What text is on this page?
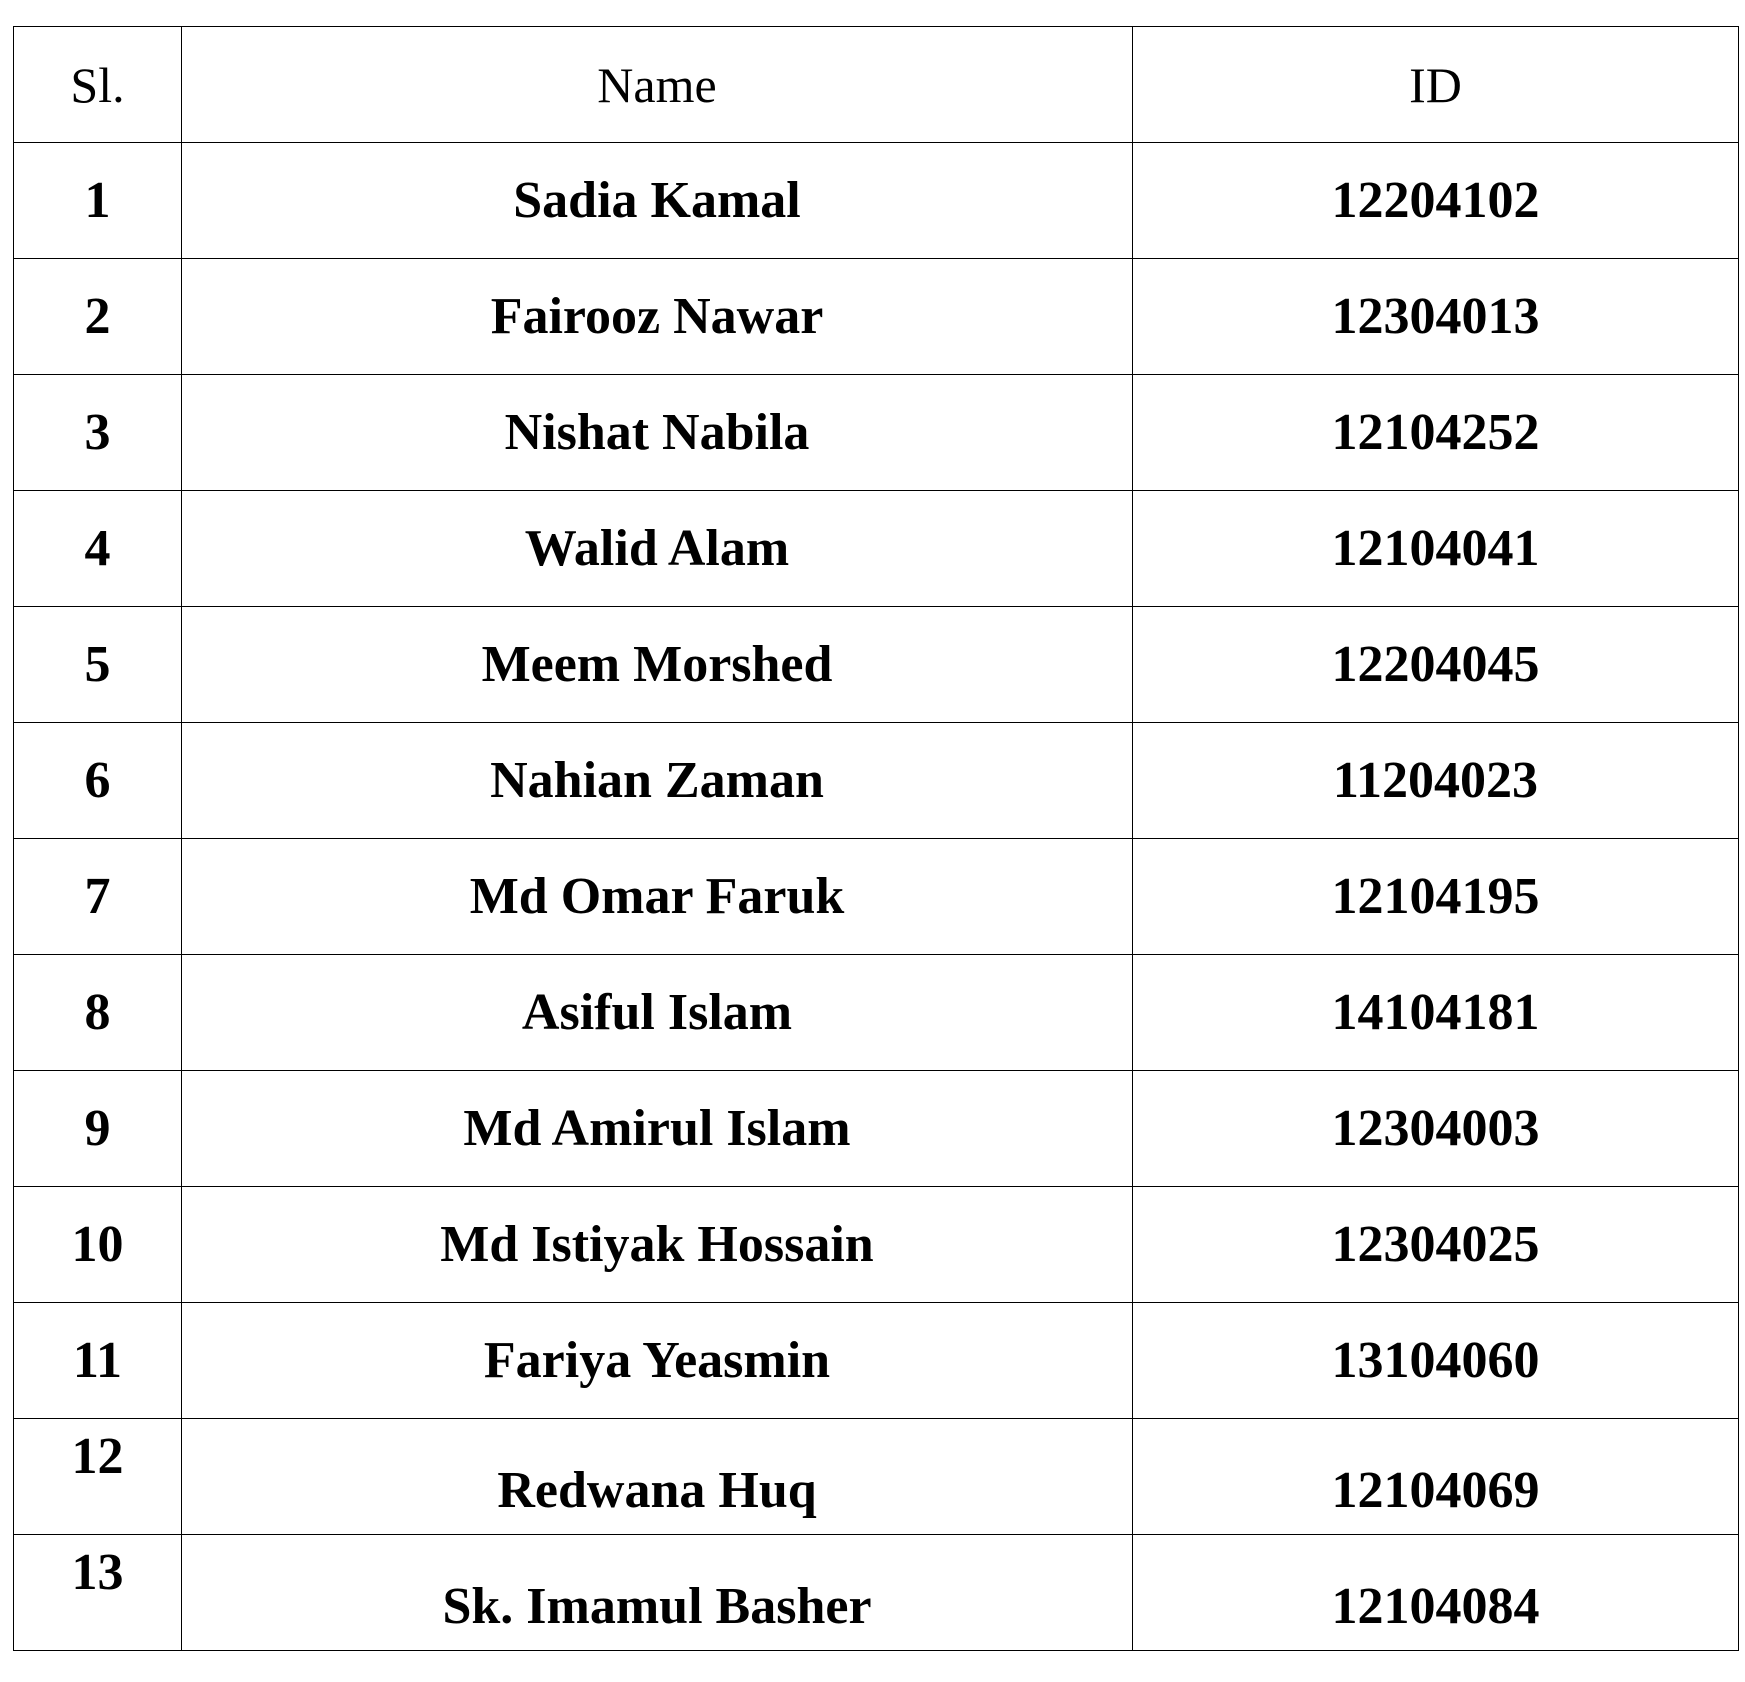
Sl.	Name	ID
1	Sadia Kamal	12204102
2	Fairooz Nawar	12304013
3	Nishat Nabila	12104252
4	Walid Alam	12104041
5	Meem Morshed	12204045
6	Nahian Zaman	11204023
7	Md Omar Faruk	12104195
8	Asiful Islam	14104181
9	Md Amirul Islam	12304003
10	Md Istiyak Hossain	12304025
11	Fariya Yeasmin	13104060
12	Redwana Huq	12104069
13	Sk. Imamul Basher	12104084
